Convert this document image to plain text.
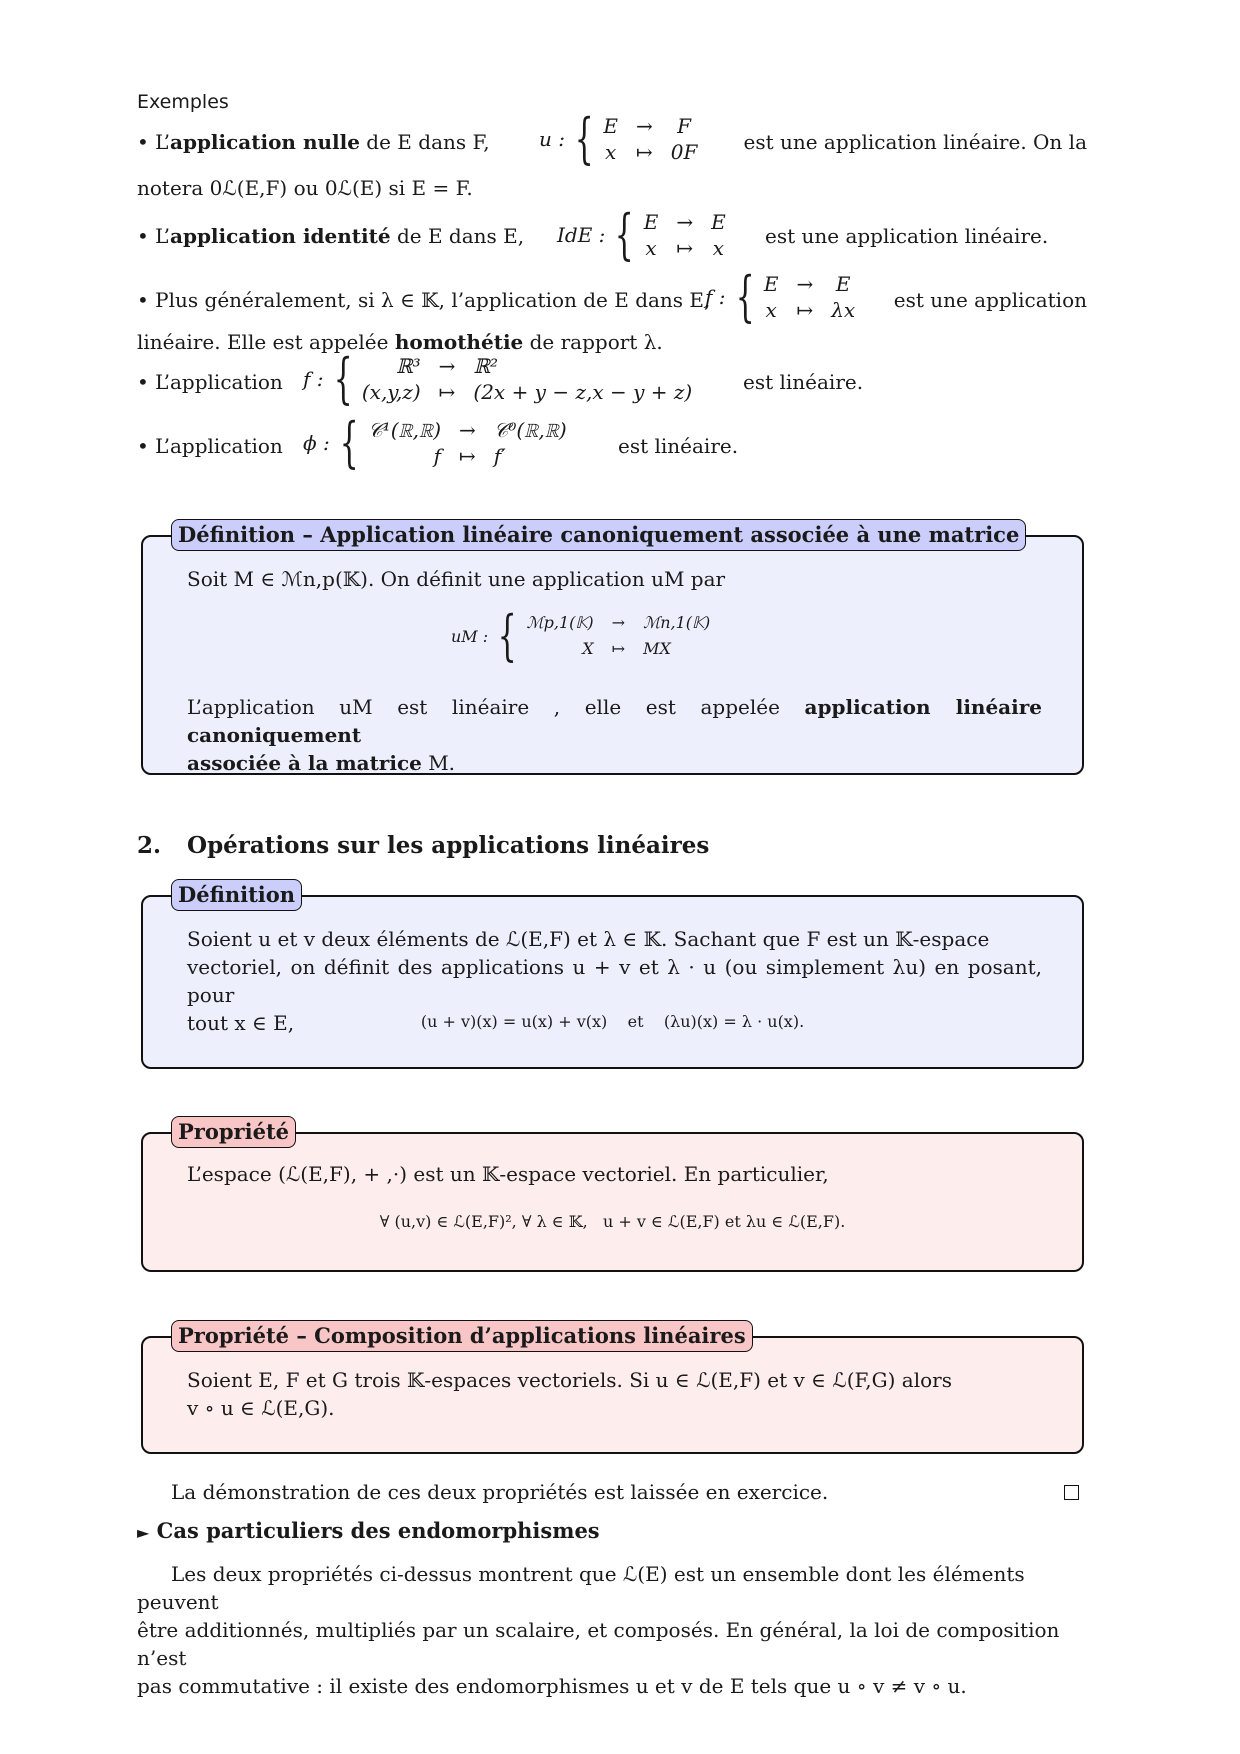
Exemples
• L’application nulle de E dans F, u : { E →	F
x ↦ 0F est une application linéaire. On la
notera 0ℒ(E,F) ou 0ℒ(E) si E = F.
• L’application identité de E dans E, IdE : { E → E
x ↦ x est une application linéaire.
• Plus généralement, si λ ∈ 𝕂, l’application de E dans E,
f : { E → E
x ↦ λx est une application
linéaire. Elle est appelée homothétie de rapport λ.
• L’application f : {	ℝ³ → ℝ²
(x,y,z) ↦ (2x + y − z,x − y + z)	est linéaire.
• L’application ϕ : { 𝒞¹(ℝ,ℝ) → 𝒞⁰(ℝ,ℝ)
f ↦ f′	est linéaire.
Définition – Application linéaire canoniquement associée à une matrice
Soit M ∈ ℳn,p(𝕂). On définit une application uM par
uM : { ℳp,1(𝕂) → ℳn,1(𝕂)
X ↦ MX
L’application uM est linéaire , elle est appelée application linéaire canoniquement
associée à la matrice M.
2. Opérations sur les applications linéaires
Définition
Soient u et v deux éléments de ℒ(E,F) et λ ∈ 𝕂. Sachant que F est un 𝕂-espace
vectoriel, on définit des applications u + v et λ · u (ou simplement λu) en posant, pour
tout x ∈ E,	(u + v)(x) = u(x) + v(x)    et    (λu)(x) = λ · u(x).
Propriété
L’espace (ℒ(E,F), + ,·) est un 𝕂-espace vectoriel. En particulier,
∀ (u,v) ∈ ℒ(E,F)², ∀ λ ∈ 𝕂,   u + v ∈ ℒ(E,F) et λu ∈ ℒ(E,F).
Propriété – Composition d’applications linéaires
Soient E, F et G trois 𝕂-espaces vectoriels. Si u ∈ ℒ(E,F) et v ∈ ℒ(F,G) alors
v ∘ u ∈ ℒ(E,G).
La démonstration de ces deux propriétés est laissée en exercice.
► Cas particuliers des endomorphismes
Les deux propriétés ci-dessus montrent que ℒ(E) est un ensemble dont les éléments peuvent
être additionnés, multipliés par un scalaire, et composés. En général, la loi de composition n’est
pas commutative : il existe des endomorphismes u et v de E tels que u ∘ v ≠ v ∘ u.
